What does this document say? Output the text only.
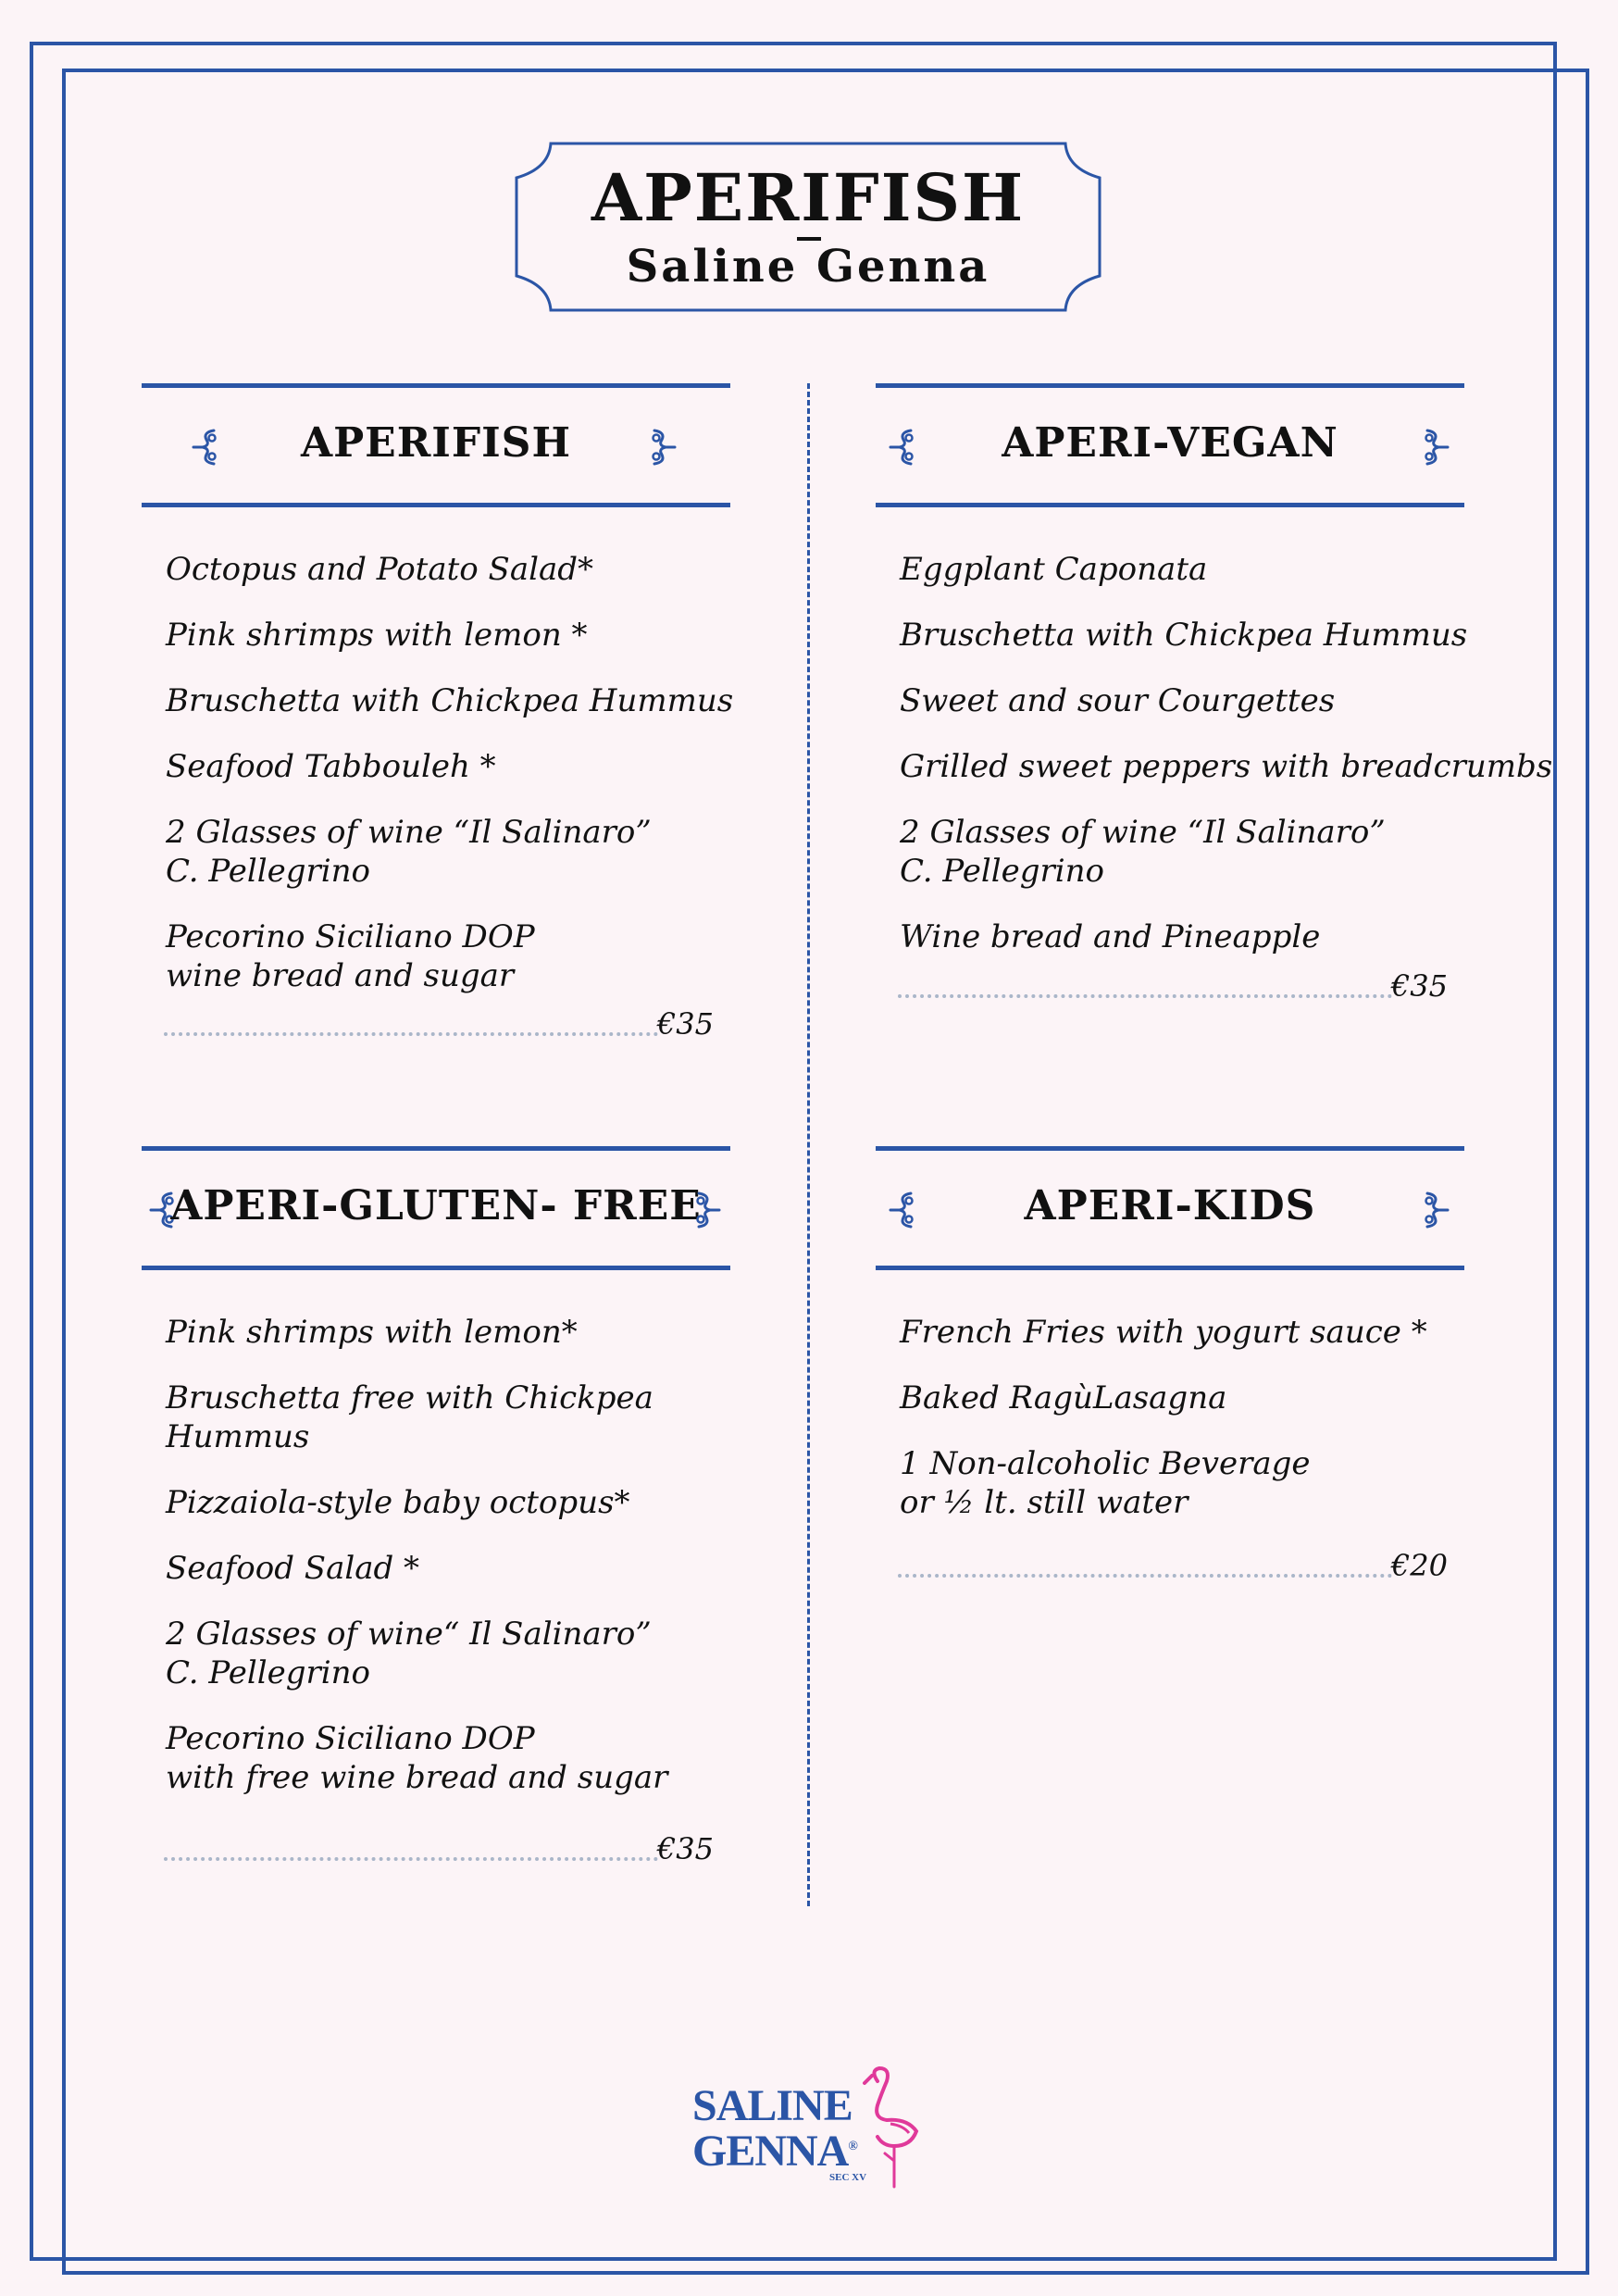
APERIFISH
Saline Genna
APERIFISH
Octopus and Potato Salad*
Pink shrimps with lemon *
Bruschetta with Chickpea Hummus
Seafood Tabbouleh *
2 Glasses of wine “Il Salinaro”
C. Pellegrino
Pecorino Siciliano DOP
wine bread and sugar
€35
APERI-VEGAN
Eggplant Caponata
Bruschetta with Chickpea Hummus
Sweet and sour Courgettes
Grilled sweet peppers with breadcrumbs
2 Glasses of wine “Il Salinaro”
C. Pellegrino
Wine bread and Pineapple
€35
APERI-GLUTEN- FREE
Pink shrimps with lemon*
Bruschetta free with Chickpea
Hummus
Pizzaiola-style baby octopus*
Seafood Salad *
2 Glasses of wine“ Il Salinaro”
C. Pellegrino
Pecorino Siciliano DOP
with free wine bread and sugar
€35
APERI-KIDS
French Fries with yogurt sauce *
Baked RagùLasagna
1 Non-alcoholic Beverage
or ½ lt. still water
€20
SALINE
GENNA®
SEC XV
